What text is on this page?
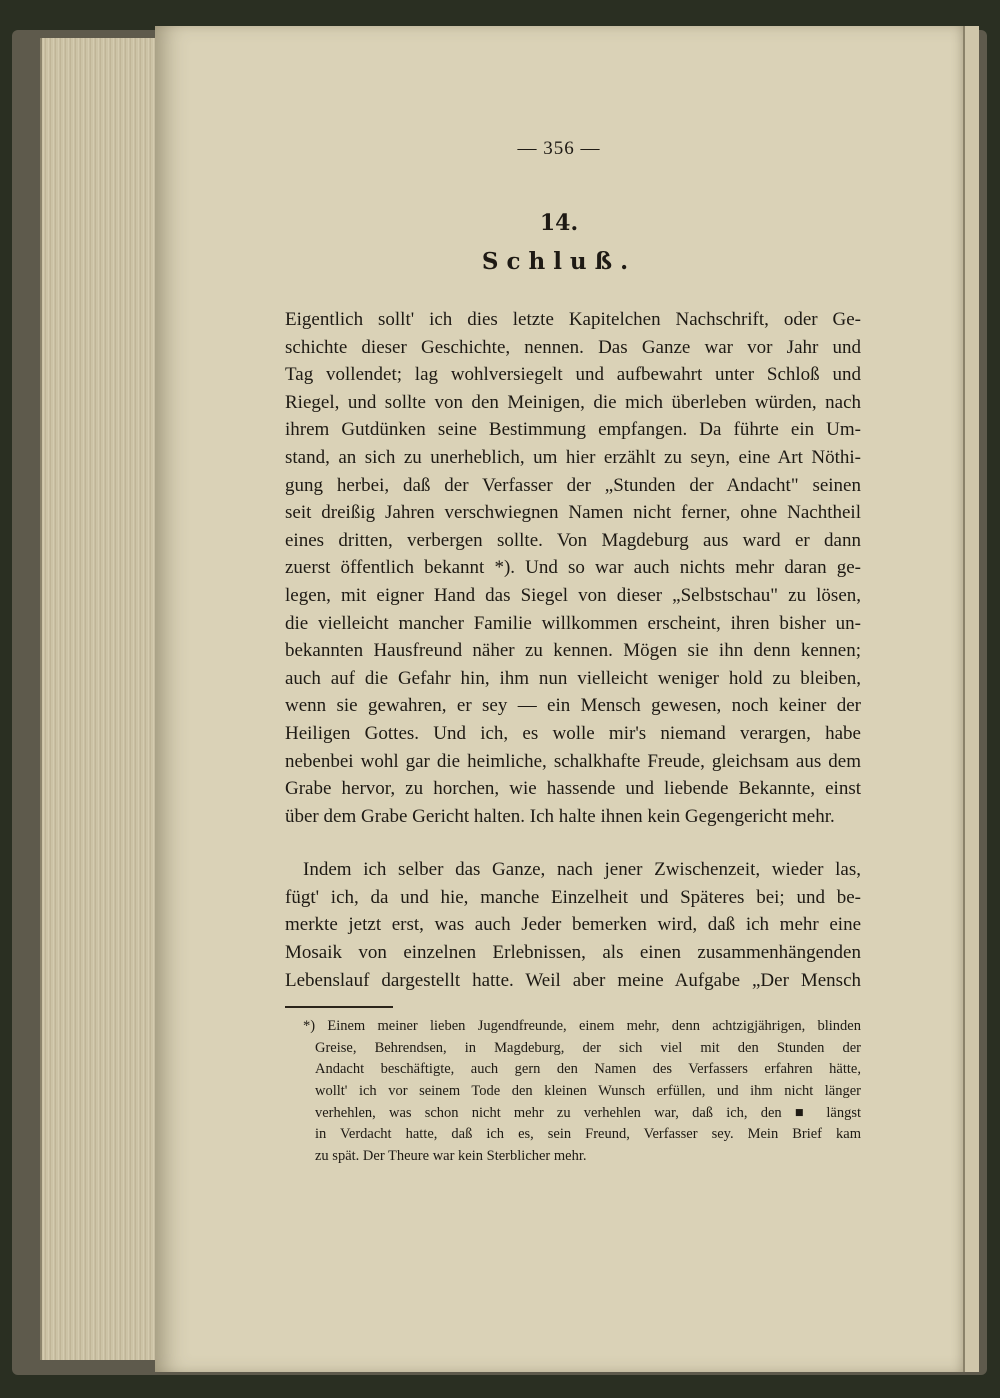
— 356 —
14.
Schluß.
Eigentlich sollt' ich dies letzte Kapitelchen Nachschrift, oder Ge-
schichte dieser Geschichte, nennen. Das Ganze war vor Jahr und
Tag vollendet; lag wohlversiegelt und aufbewahrt unter Schloß und
Riegel, und sollte von den Meinigen, die mich überleben würden, nach
ihrem Gutdünken seine Bestimmung empfangen. Da führte ein Um-
stand, an sich zu unerheblich, um hier erzählt zu seyn, eine Art Nöthi-
gung herbei, daß der Verfasser der „Stunden der Andacht" seinen
seit dreißig Jahren verschwiegnen Namen nicht ferner, ohne Nachtheil
eines dritten, verbergen sollte. Von Magdeburg aus ward er dann
zuerst öffentlich bekannt *). Und so war auch nichts mehr daran ge-
legen, mit eigner Hand das Siegel von dieser „Selbstschau" zu lösen,
die vielleicht mancher Familie willkommen erscheint, ihren bisher un-
bekannten Hausfreund näher zu kennen. Mögen sie ihn denn kennen;
auch auf die Gefahr hin, ihm nun vielleicht weniger hold zu bleiben,
wenn sie gewahren, er sey — ein Mensch gewesen, noch keiner der
Heiligen Gottes. Und ich, es wolle mir's niemand verargen, habe
nebenbei wohl gar die heimliche, schalkhafte Freude, gleichsam aus dem
Grabe hervor, zu horchen, wie hassende und liebende Bekannte, einst
über dem Grabe Gericht halten. Ich halte ihnen kein Gegengericht mehr.
Indem ich selber das Ganze, nach jener Zwischenzeit, wieder las,
fügt' ich, da und hie, manche Einzelheit und Späteres bei; und be-
merkte jetzt erst, was auch Jeder bemerken wird, daß ich mehr eine
Mosaik von einzelnen Erlebnissen, als einen zusammenhängenden
Lebenslauf dargestellt hatte. Weil aber meine Aufgabe „Der Mensch
*) Einem meiner lieben Jugendfreunde, einem mehr, denn achtzigjährigen, blinden
Greise, Behrendsen, in Magdeburg, der sich viel mit den Stunden der
Andacht beschäftigte, auch gern den Namen des Verfassers erfahren hätte,
wollt' ich vor seinem Tode den kleinen Wunsch erfüllen, und ihm nicht länger
verhehlen, was schon nicht mehr zu verhehlen war, daß ich, den ■ längst
in Verdacht hatte, daß ich es, sein Freund, Verfasser sey. Mein Brief kam
zu spät. Der Theure war kein Sterblicher mehr.
